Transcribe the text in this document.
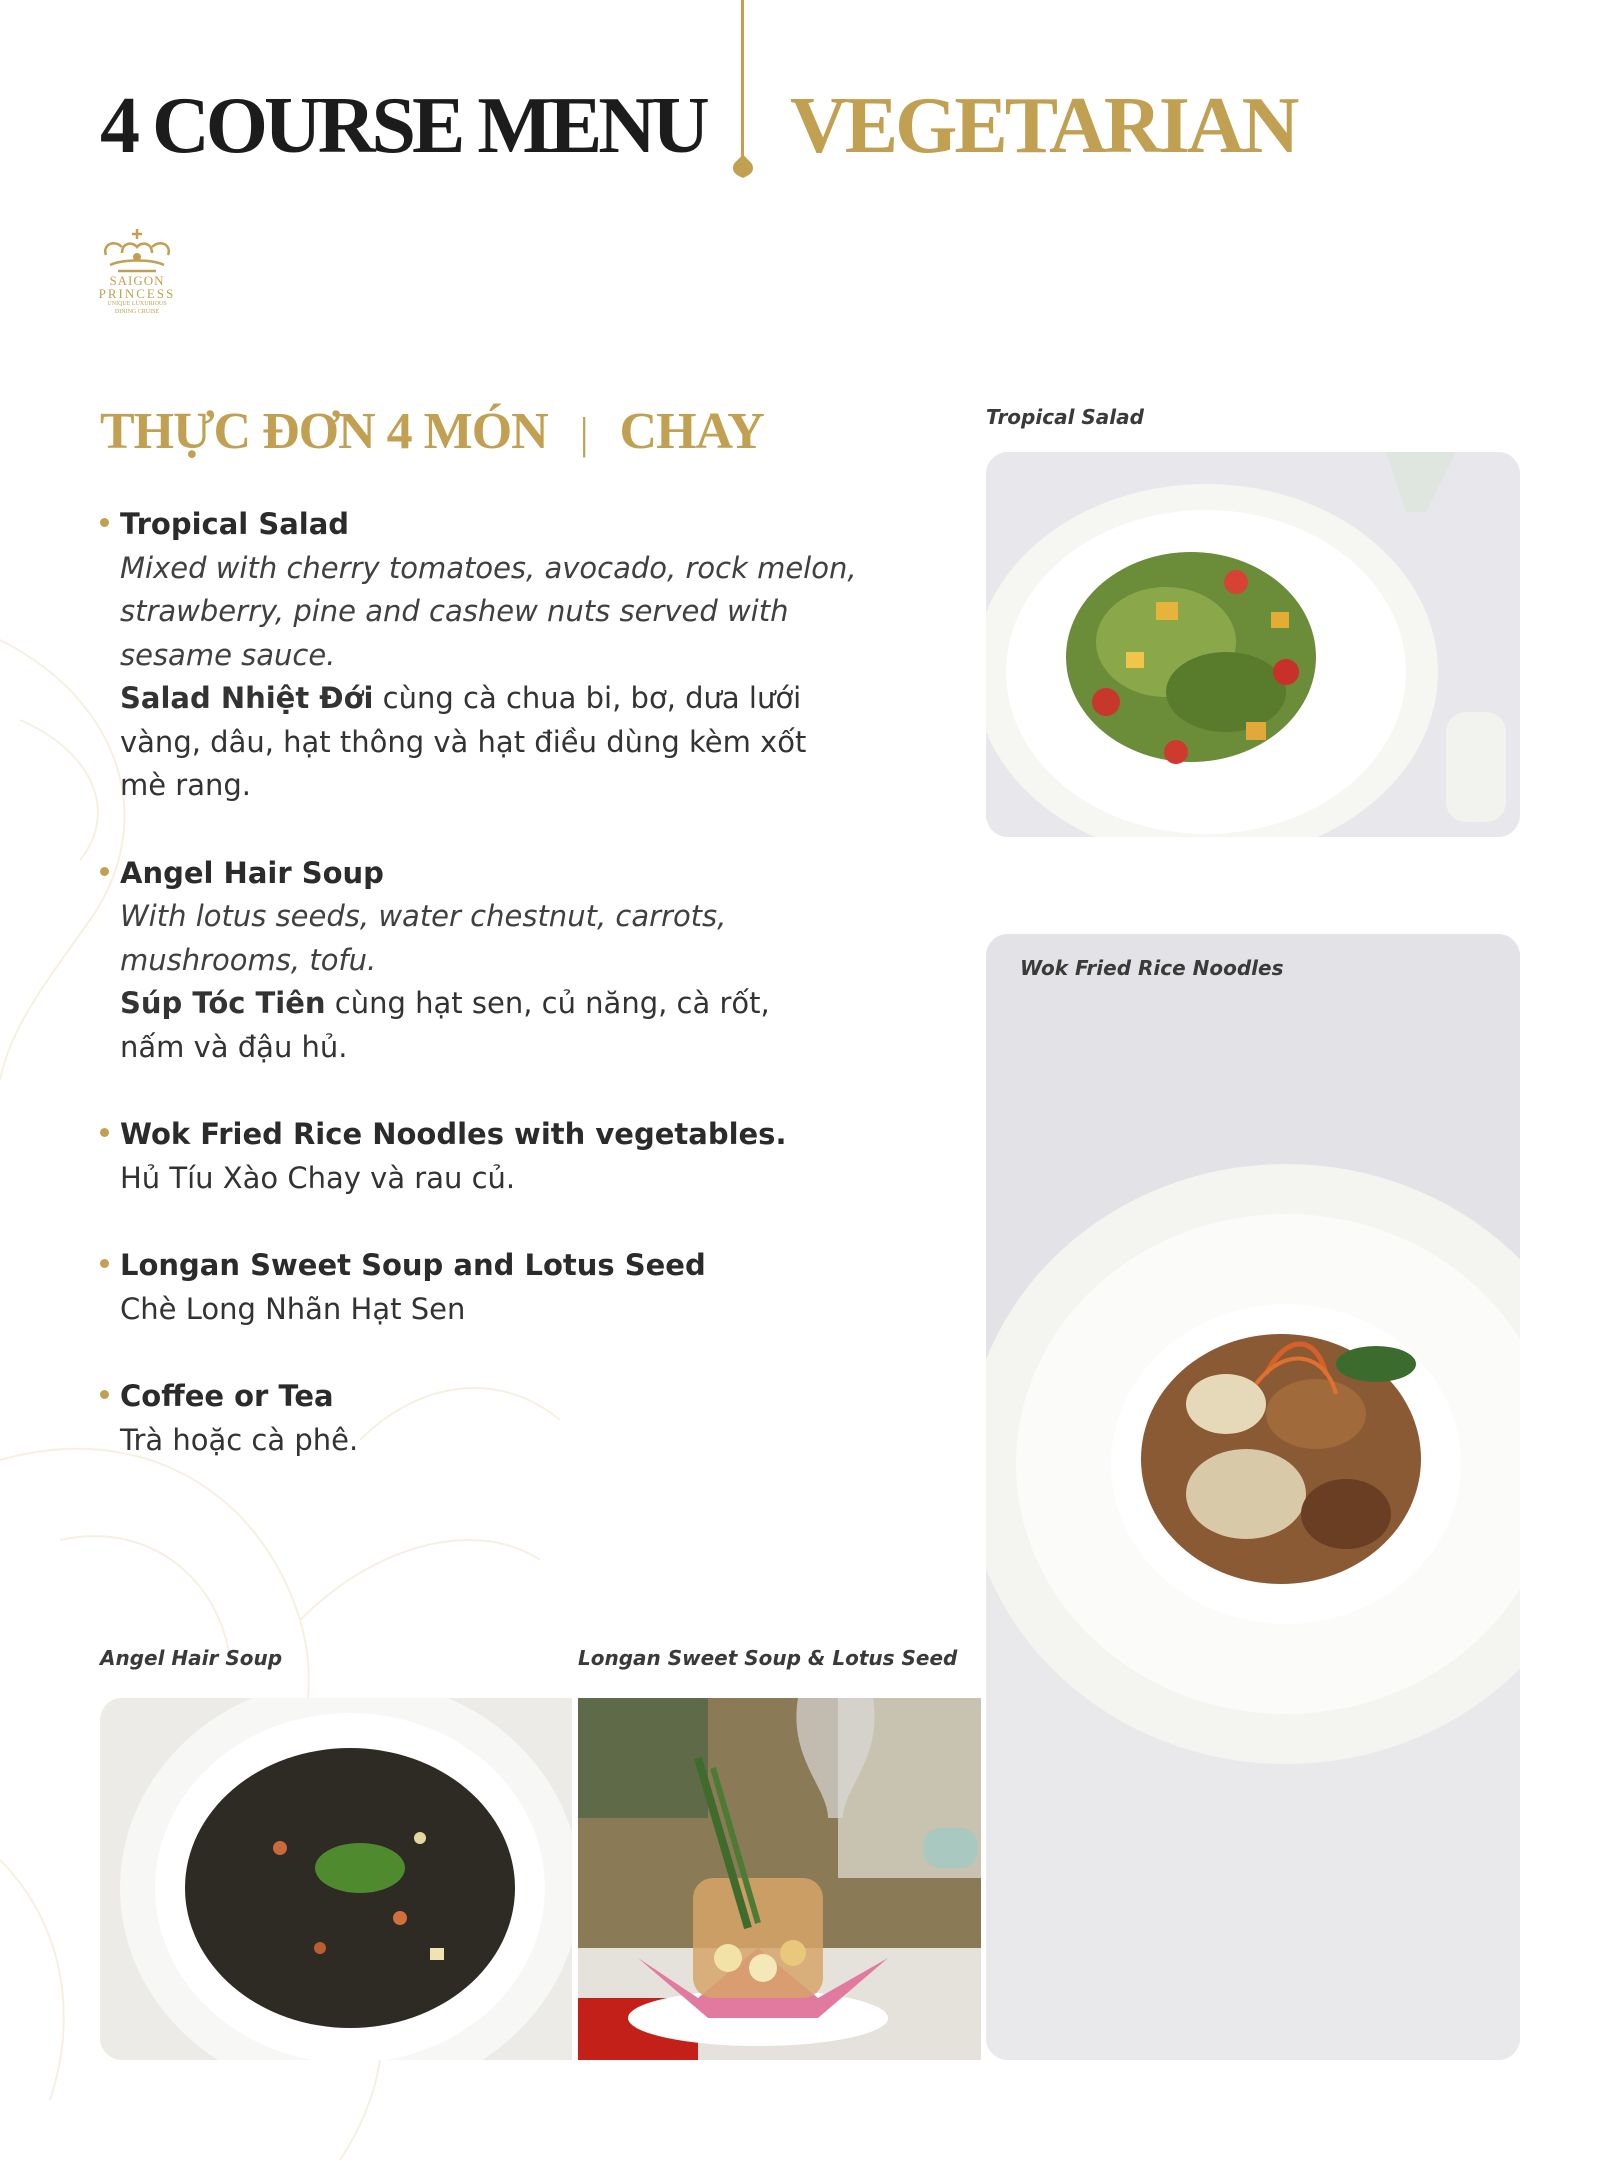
4 COURSE MENU VEGETARIAN
SAIGON
PRINCESS
UNIQUE LUXURIOUS
DINING CRUISE
THỰC ĐƠN 4 MÓN | CHAY
Tropical Salad
Mixed with cherry tomatoes, avocado, rock melon,
strawberry, pine and cashew nuts served with
sesame sauce.
Salad Nhiệt Đới cùng cà chua bi, bơ, dưa lưới
vàng, dâu, hạt thông và hạt điều dùng kèm xốt
mè rang.
Angel Hair Soup
With lotus seeds, water chestnut, carrots,
mushrooms, tofu.
Súp Tóc Tiên cùng hạt sen, củ năng, cà rốt,
nấm và đậu hủ.
Wok Fried Rice Noodles with vegetables.
Hủ Tíu Xào Chay và rau củ.
Longan Sweet Soup and Lotus Seed
Chè Long Nhãn Hạt Sen
Coffee or Tea
Trà hoặc cà phê.
Tropical Salad
Wok Fried Rice Noodles
Angel Hair Soup	Longan Sweet Soup & Lotus Seed
